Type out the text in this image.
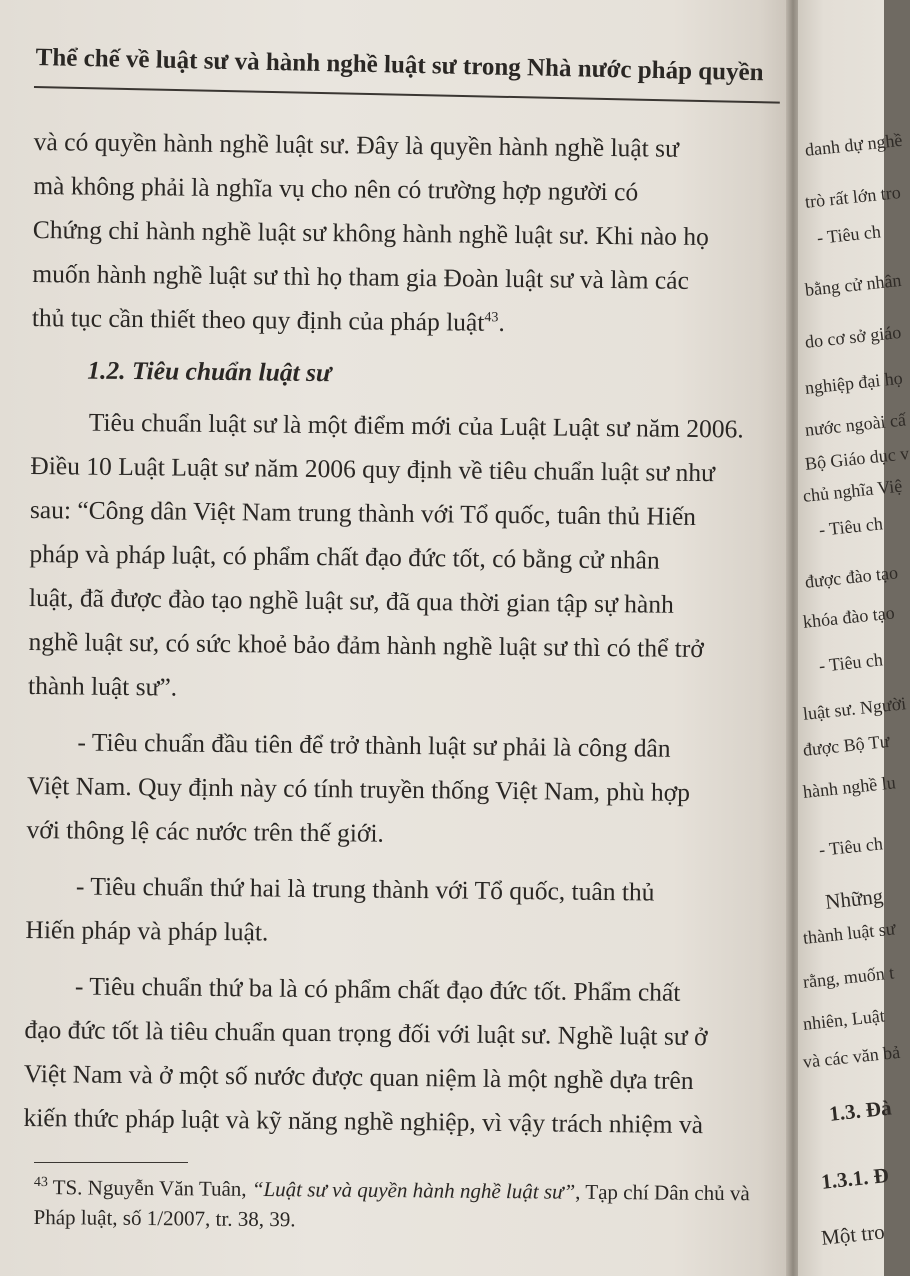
Thể chế về luật sư và hành nghề luật sư trong Nhà nước pháp quyền
và có quyền hành nghề luật sư. Đây là quyền hành nghề luật sư
mà không phải là nghĩa vụ cho nên có trường hợp người có
Chứng chỉ hành nghề luật sư không hành nghề luật sư. Khi nào họ
muốn hành nghề luật sư thì họ tham gia Đoàn luật sư và làm các
thủ tục cần thiết theo quy định của pháp luật$^{43}$.
1.2. Tiêu chuẩn luật sư
Tiêu chuẩn luật sư là một điểm mới của Luật Luật sư năm 2006.
Điều 10 Luật Luật sư năm 2006 quy định về tiêu chuẩn luật sư như
sau: “Công dân Việt Nam trung thành với Tổ quốc, tuân thủ Hiến
pháp và pháp luật, có phẩm chất đạo đức tốt, có bằng cử nhân
luật, đã được đào tạo nghề luật sư, đã qua thời gian tập sự hành
nghề luật sư, có sức khoẻ bảo đảm hành nghề luật sư thì có thể trở
thành luật sư”.
- Tiêu chuẩn đầu tiên để trở thành luật sư phải là công dân
Việt Nam. Quy định này có tính truyền thống Việt Nam, phù hợp
với thông lệ các nước trên thế giới.
- Tiêu chuẩn thứ hai là trung thành với Tổ quốc, tuân thủ
Hiến pháp và pháp luật.
- Tiêu chuẩn thứ ba là có phẩm chất đạo đức tốt. Phẩm chất
đạo đức tốt là tiêu chuẩn quan trọng đối với luật sư. Nghề luật sư ở
Việt Nam và ở một số nước được quan niệm là một nghề dựa trên
kiến thức pháp luật và kỹ năng nghề nghiệp, vì vậy trách nhiệm và
$^{43}$ TS. Nguyễn Văn Tuân, “Luật sư và quyền hành nghề luật sư”, Tạp chí Dân chủ và
Pháp luật, số 1/2007, tr. 38, 39.
danh dự nghề
trò rất lớn tro
- Tiêu ch
bằng cử nhân
do cơ sở giáo
nghiệp đại họ
nước ngoài cấ
Bộ Giáo dục v
chủ nghĩa Việ
- Tiêu ch
được đào tạo
khóa đào tạo
- Tiêu ch
luật sư. Người
được Bộ Tư
hành nghề lu
- Tiêu ch
Những
thành luật sư
rằng, muốn t
nhiên, Luật
và các văn bả
1.3. Đà
1.3.1. Đ
Một tro
